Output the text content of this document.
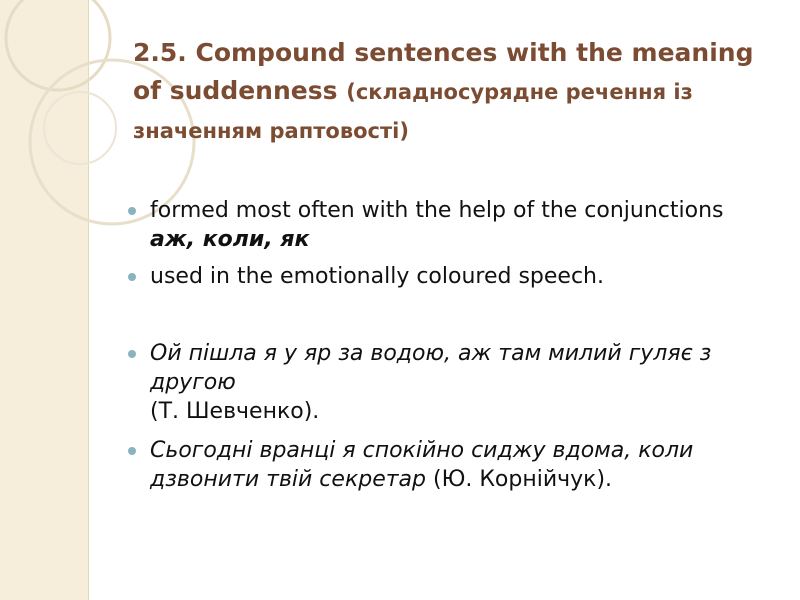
2.5. Compound sentences with the meaning of suddenness (складносурядне речення із значенням раптовості)
formed most often with the help of the conjunctions аж, коли, як
used in the emotionally coloured speech.
Ой пішла я у яр за водою, аж там милий гуляє з другою
(Т. Шевченко).
Сьогодні вранці я спокійно сиджу вдома, коли дзвонити твій секретар (Ю. Корнійчук).
